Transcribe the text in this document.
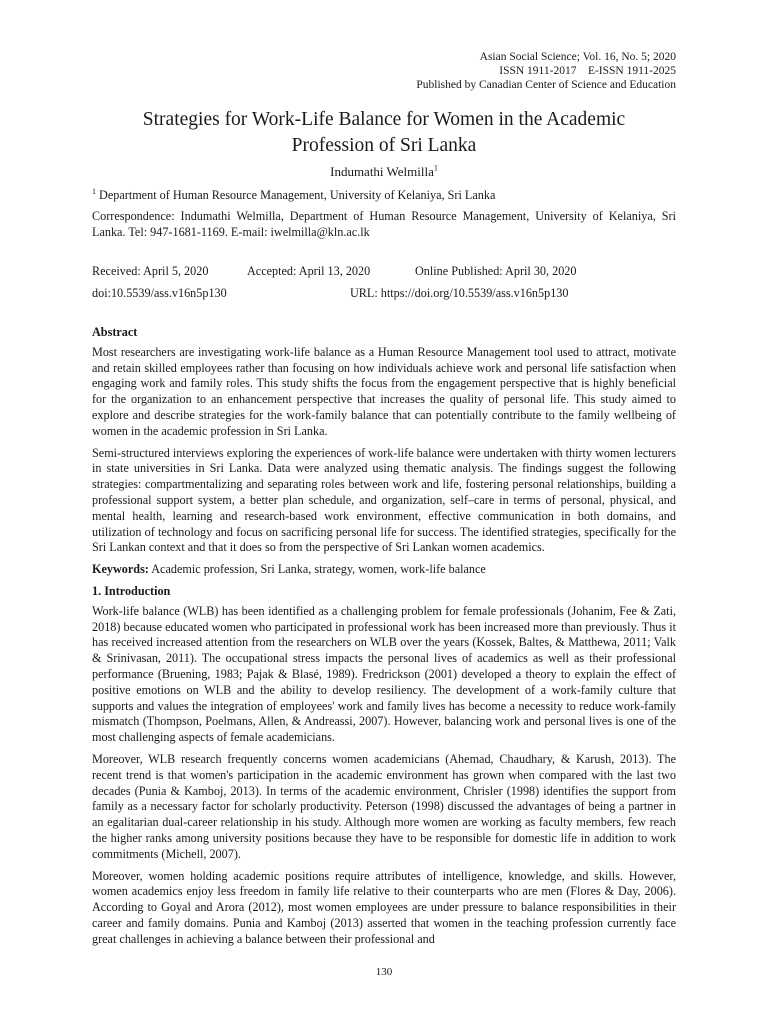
Asian Social Science; Vol. 16, No. 5; 2020
ISSN 1911-2017    E-ISSN 1911-2025
Published by Canadian Center of Science and Education
Strategies for Work-Life Balance for Women in the Academic
Profession of Sri Lanka
Indumathi Welmilla$^1$
$^1$ Department of Human Resource Management, University of Kelaniya, Sri Lanka
Correspondence: Indumathi Welmilla, Department of Human Resource Management, University of Kelaniya, Sri Lanka. Tel: 947-1681-1169. E-mail: iwelmilla@kln.ac.lk
Received: April 5, 2020	Accepted: April 13, 2020	Online Published: April 30, 2020
doi:10.5539/ass.v16n5p130	URL: https://doi.org/10.5539/ass.v16n5p130
Abstract

Most researchers are investigating work-life balance as a Human Resource Management tool used to attract, motivate and retain skilled employees rather than focusing on how individuals achieve work and personal life satisfaction when engaging work and family roles. This study shifts the focus from the engagement perspective that is highly beneficial for the organization to an enhancement perspective that increases the quality of personal life. This study aimed to explore and describe strategies for the work-family balance that can potentially contribute to the family wellbeing of women in the academic profession in Sri Lanka.

Semi-structured interviews exploring the experiences of work-life balance were undertaken with thirty women lecturers in state universities in Sri Lanka. Data were analyzed using thematic analysis. The findings suggest the following strategies: compartmentalizing and separating roles between work and life, fostering personal relationships, building a professional support system, a better plan schedule, and organization, self–care in terms of personal, physical, and mental health, learning and research-based work environment, effective communication in both domains, and utilization of technology and focus on sacrificing personal life for success. The identified strategies, specifically for the Sri Lankan context and that it does so from the perspective of Sri Lankan women academics.

Keywords: Academic profession, Sri Lanka, strategy, women, work-life balance

1. Introduction

Work-life balance (WLB) has been identified as a challenging problem for female professionals (Johanim, Fee & Zati, 2018) because educated women who participated in professional work has been increased more than previously. Thus it has received increased attention from the researchers on WLB over the years (Kossek, Baltes, & Matthewa, 2011; Valk & Srinivasan, 2011). The occupational stress impacts the personal lives of academics as well as their professional performance (Bruening, 1983; Pajak & Blasé, 1989). Fredrickson (2001) developed a theory to explain the effect of positive emotions on WLB and the ability to develop resiliency. The development of a work-family culture that supports and values the integration of employees' work and family lives has become a necessity to reduce work-family mismatch (Thompson, Poelmans, Allen, & Andreassi, 2007). However, balancing work and personal lives is one of the most challenging aspects of female academicians.

Moreover, WLB research frequently concerns women academicians (Ahemad, Chaudhary, & Karush, 2013). The recent trend is that women's participation in the academic environment has grown when compared with the last two decades (Punia & Kamboj, 2013). In terms of the academic environment, Chrisler (1998) identifies the support from family as a necessary factor for scholarly productivity. Peterson (1998) discussed the advantages of being a partner in an egalitarian dual-career relationship in his study. Although more women are working as faculty members, few reach the higher ranks among university positions because they have to be responsible for domestic life in addition to work commitments (Michell, 2007).

Moreover, women holding academic positions require attributes of intelligence, knowledge, and skills. However, women academics enjoy less freedom in family life relative to their counterparts who are men (Flores & Day, 2006). According to Goyal and Arora (2012), most women employees are under pressure to balance responsibilities in their career and family domains. Punia and Kamboj (2013) asserted that women in the teaching profession currently face great challenges in achieving a balance between their professional and

130
